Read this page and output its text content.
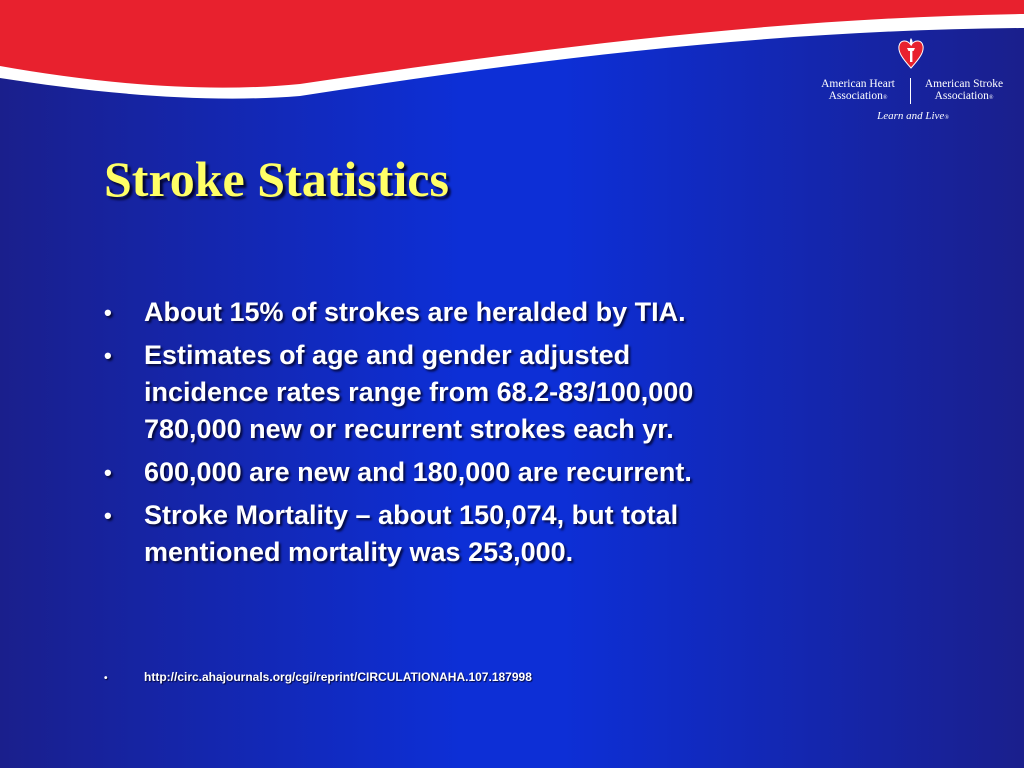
American Heart
Association®
American Stroke
Association®
Learn and Live®
Stroke Statistics
• About 15% of strokes are heralded by TIA.
• Estimates of age and gender adjusted
incidence rates range from 68.2-83/100,000
780,000 new or recurrent strokes each yr.
• 600,000 are new and 180,000 are recurrent.
• Stroke Mortality – about 150,074, but total
mentioned mortality was 253,000.
•	http://circ.ahajournals.org/cgi/reprint/CIRCULATIONAHA.107.187998
